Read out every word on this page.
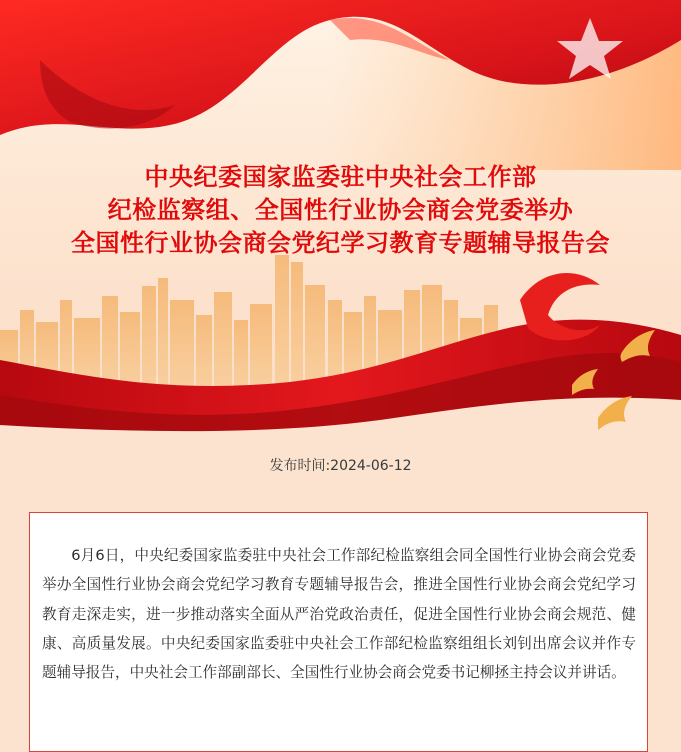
中央纪委国家监委驻中央社会工作部
纪检监察组、全国性行业协会商会党委举办
全国性行业协会商会党纪学习教育专题辅导报告会
发布时间:2024-06-12

6月6日，中央纪委国家监委驻中央社会工作部纪检监察组会同全国性行业协会商会党委举办全国性行业协会商会党纪学习教育专题辅导报告会，推进全国性行业协会商会党纪学习教育走深走实，进一步推动落实全面从严治党政治责任，促进全国性行业协会商会规范、健康、高质量发展。中央纪委国家监委驻中央社会工作部纪检监察组组长刘钊出席会议并作专题辅导报告，中央社会工作部副部长、全国性行业协会商会党委书记柳拯主持会议并讲话。
